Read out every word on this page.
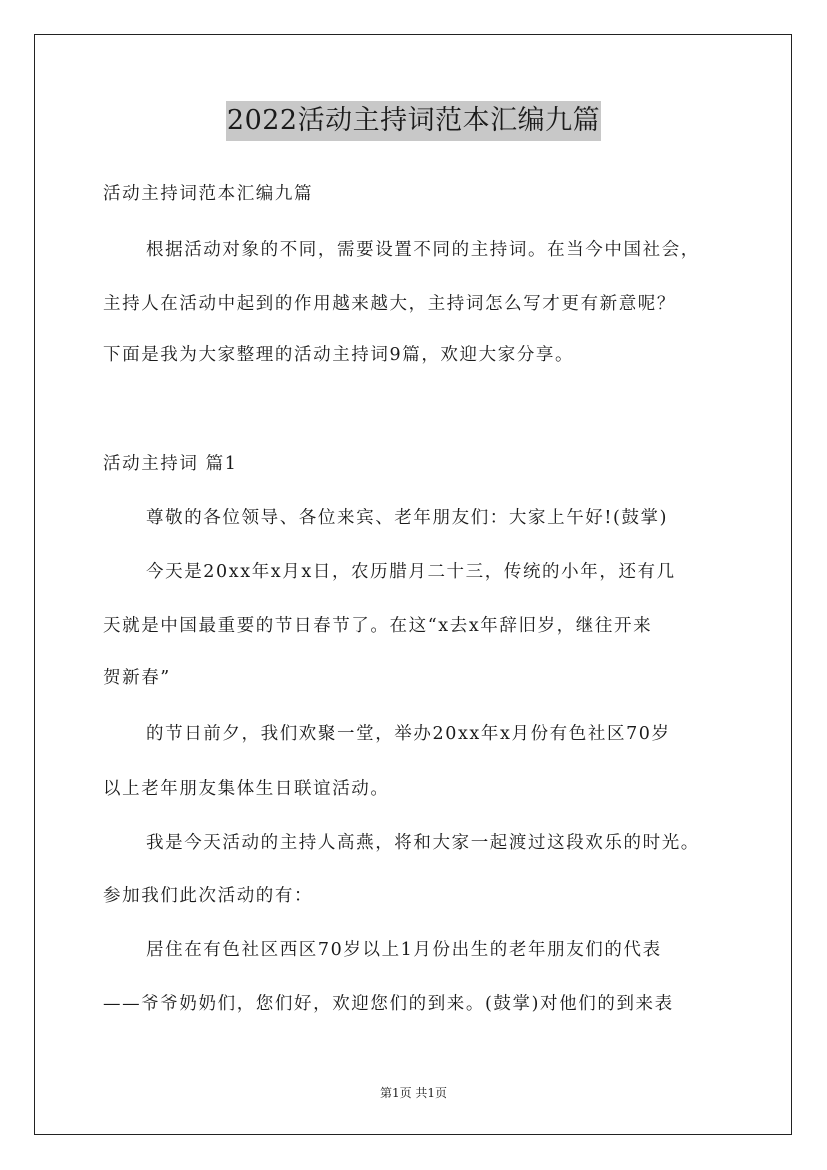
2022活动主持词范本汇编九篇
活动主持词范本汇编九篇
根据活动对象的不同，需要设置不同的主持词。在当今中国社会，
主持人在活动中起到的作用越来越大，主持词怎么写才更有新意呢？
下面是我为大家整理的活动主持词9篇，欢迎大家分享。
活动主持词 篇1
尊敬的各位领导、各位来宾、老年朋友们：大家上午好!(鼓掌)
今天是20xx年x月x日，农历腊月二十三，传统的小年，还有几
天就是中国最重要的节日春节了。在这“x去x年辞旧岁，继往开来
贺新春”
的节日前夕，我们欢聚一堂，举办20xx年x月份有色社区70岁
以上老年朋友集体生日联谊活动。
我是今天活动的主持人高燕，将和大家一起渡过这段欢乐的时光。
参加我们此次活动的有：
居住在有色社区西区70岁以上1月份出生的老年朋友们的代表
——爷爷奶奶们，您们好，欢迎您们的到来。(鼓掌)对他们的到来表
第1页 共1页
